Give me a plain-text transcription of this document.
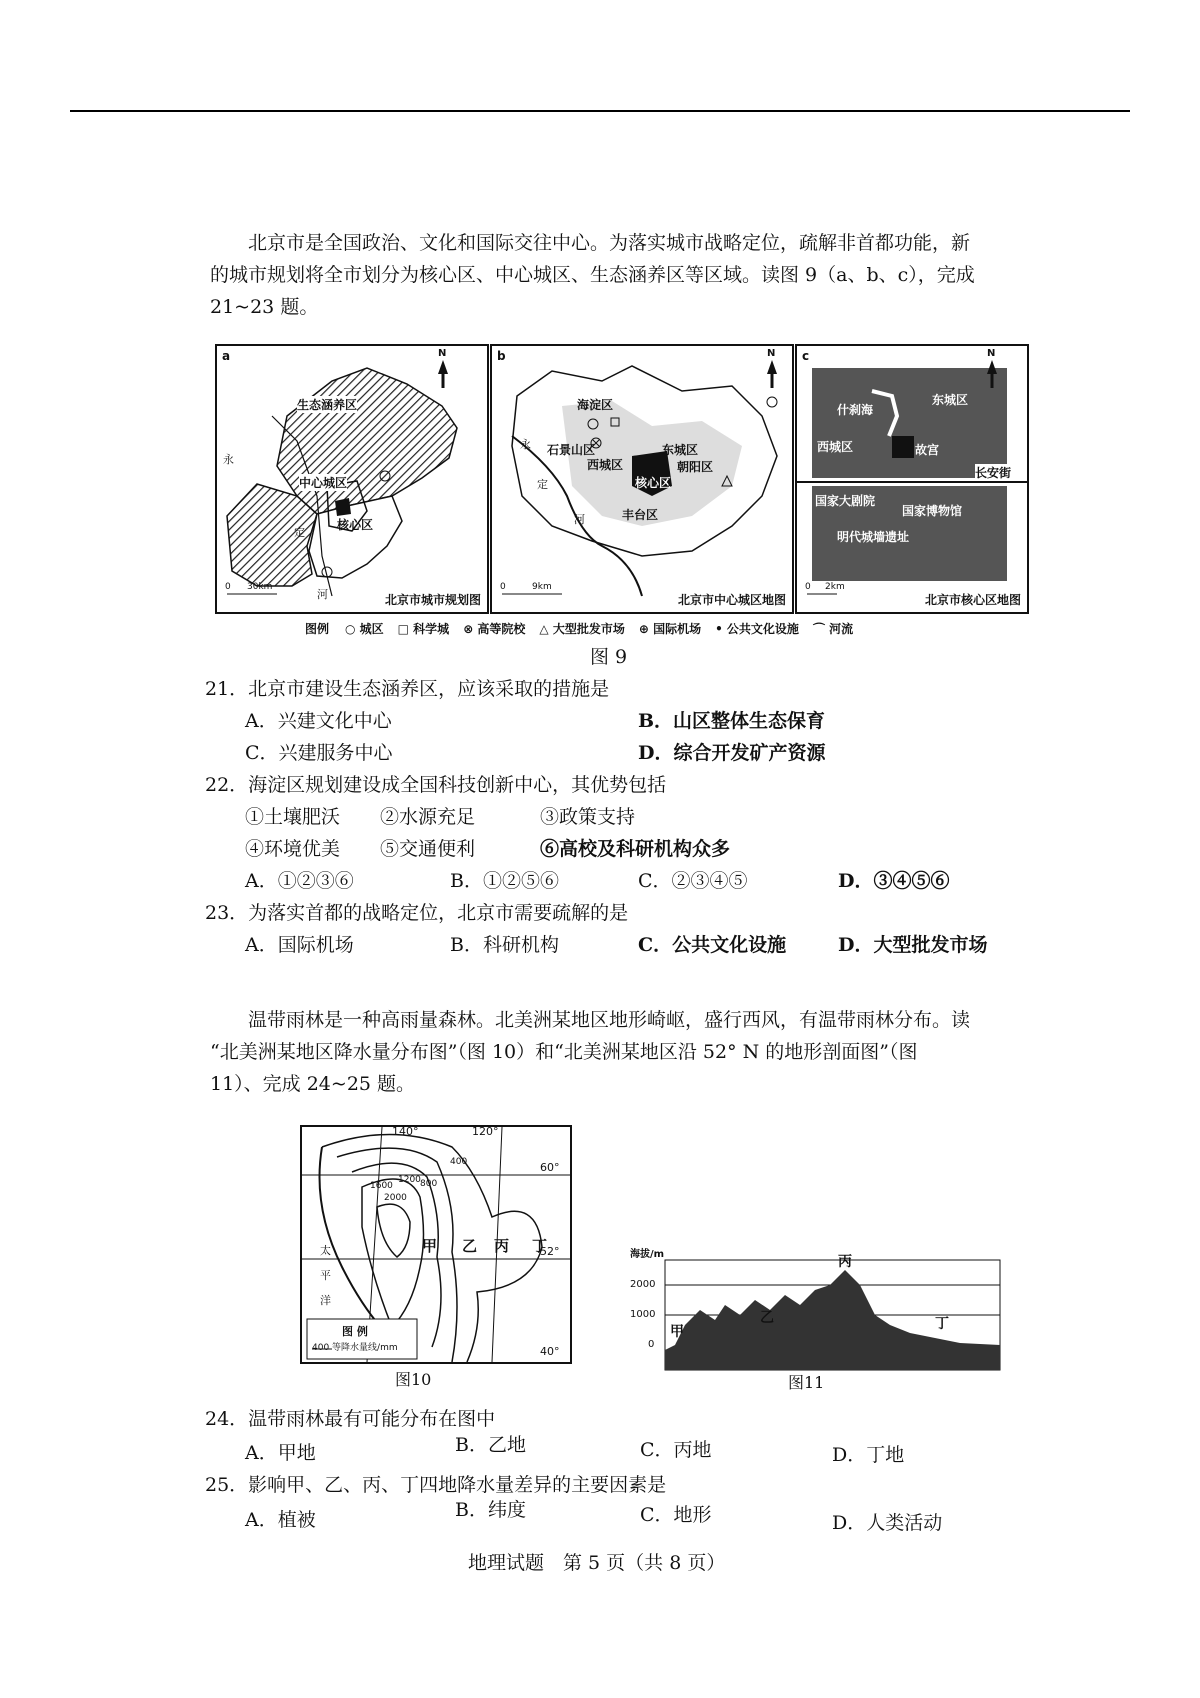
北京市是全国政治、文化和国际交往中心。为落实城市战略定位，疏解非首都功能，新
的城市规划将全市划分为核心区、中心城区、生态涵养区等区域。读图 9（a、b、c），完成
21~23 题。
a	N
生态涵养区
中心城区
核心区
永
定
河
0 30km
北京市城市规划图
b	N
海淀区
石景山区
西城区
东城区
朝阳区
核心区
丰台区
永
定
河
0	9km
北京市中心城区地图
c	N
什刹海
东城区
西城区	故宫
长安街
国家大剧院
国家博物馆
明代城墙遗址
0 2km
北京市核心区地图
图例 ○ 城区 □ 科学城 ⊗ 高等院校 △ 大型批发市场 ⊕ 国际机场 • 公共文化设施 ⌒ 河流
图 9
21．北京市建设生态涵养区，应该采取的措施是
A．兴建文化中心	B．山区整体生态保育
C．兴建服务中心	D．综合开发矿产资源
22．海淀区规划建设成全国科技创新中心，其优势包括
①土壤肥沃 ②水源充足	③政策支持
④环境优美 ⑤交通便利	⑥高校及科研机构众多
A．①②③⑥	B．①②⑤⑥	C．②③④⑤	D．③④⑤⑥
23．为落实首都的战略定位，北京市需要疏解的是
A．国际机场	B．科研机构	C．公共文化设施	D．大型批发市场
温带雨林是一种高雨量森林。北美洲某地区地形崎岖，盛行西风，有温带雨林分布。读
“北美洲某地区降水量分布图”（图 10）和“北美洲某地区沿 52° N 的地形剖面图”（图
11）、完成 24~25 题。
140°	120°
60°
52°
40°
400
800
1200
1600
2000
太
平
洋
甲 乙 丙 丁
图 例
400 等降水量线/mm
图10
海拔/m
2000
1000
0
甲
乙
丙
丁
图11
24．温带雨林最有可能分布在图中
A．甲地	B．乙地	C．丙地	D．丁地
25．影响甲、乙、丙、丁四地降水量差异的主要因素是
A．植被	B．纬度	C．地形	D．人类活动
地理试题　第 5 页（共 8 页）
